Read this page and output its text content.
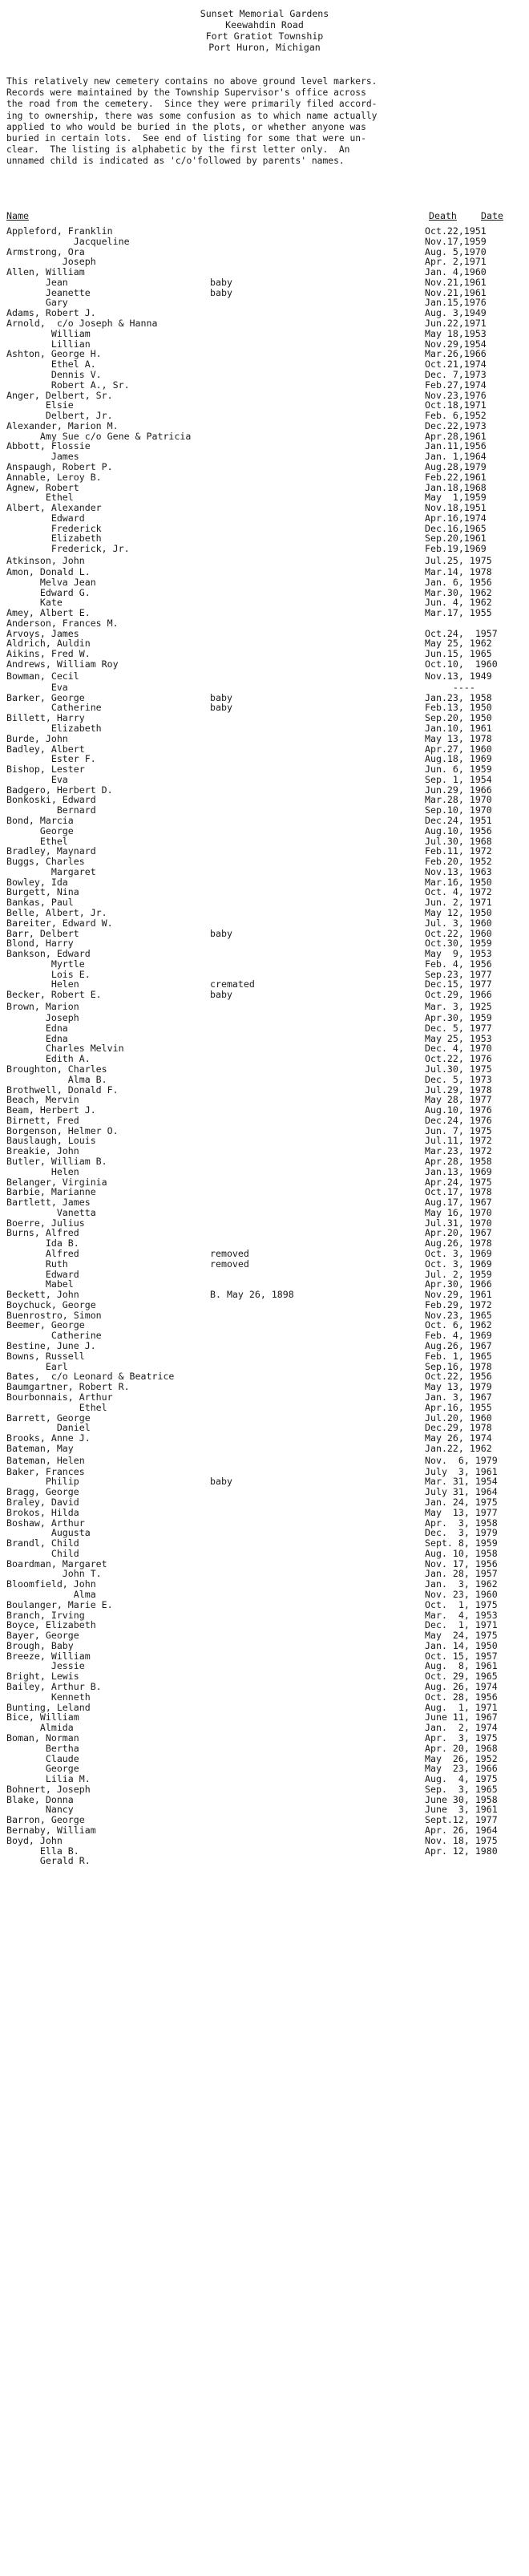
Sunset Memorial Gardens
Keewahdin Road
Fort Gratiot Township
Port Huron, Michigan
This relatively new cemetery contains no above ground level markers.
Records were maintained by the Township Supervisor's office across
the road from the cemetery.  Since they were primarily filed accord-
ing to ownership, there was some confusion as to which name actually
applied to who would be buried in the plots, or whether anyone was
buried in certain lots.  See end of listing for some that were un-
clear.  The listing is alphabetic by the first letter only.  An
unnamed child is indicated as 'c/o'followed by parents' names.
Name	Death	Date
Appleford, Franklin	Oct.22,1951
Jacqueline	Nov.17,1959
Armstrong, Ora	Aug. 5,1970
Joseph	Apr. 2,1971
Allen, William	Jan. 4,1960
Jean	baby	Nov.21,1961
Jeanette	baby	Nov.21,1961
Gary	Jan.15,1976
Adams, Robert J.	Aug. 3,1949
Arnold,  c/o Joseph & Hanna	Jun.22,1971
William	May 18,1953
Lillian	Nov.29,1954
Ashton, George H.	Mar.26,1966
Ethel A.	Oct.21,1974
Dennis V.	Dec. 7,1973
Robert A., Sr.	Feb.27,1974
Anger, Delbert, Sr.	Nov.23,1976
Elsie	Oct.18,1971
Delbert, Jr.	Feb. 6,1952
Alexander, Marion M.	Dec.22,1973
Amy Sue c/o Gene & Patricia	Apr.28,1961
Abbott, Flossie	Jan.11,1956
James	Jan. 1,1964
Anspaugh, Robert P.	Aug.28,1979
Annable, Leroy B.	Feb.22,1961
Agnew, Robert	Jan.18,1968
Ethel	May  1,1959
Albert, Alexander	Nov.18,1951
Edward	Apr.16,1974
Frederick	Dec.16,1965
Elizabeth	Sep.20,1961
Frederick, Jr.	Feb.19,1969
Atkinson, John	Jul.25, 1975
Amon, Donald L.	Mar.14, 1978
Melva Jean	Jan. 6, 1956
Edward G.	Mar.30, 1962
Kate	Jun. 4, 1962
Amey, Albert E.	Mar.17, 1955
Anderson, Frances M.
Arvoys, James	Oct.24,  1957
Aldrich, Auldin	May 25, 1962
Aikins, Fred W.	Jun.15, 1965
Andrews, William Roy	Oct.10,  1960
Bowman, Cecil	Nov.13, 1949
Eva	----
Barker, George	baby	Jan.23, 1958
Catherine	baby	Feb.13, 1950
Billett, Harry	Sep.20, 1950
Elizabeth	Jan.10, 1961
Burde, John	May 13, 1978
Badley, Albert	Apr.27, 1960
Ester F.	Aug.18, 1969
Bishop, Lester	Jun. 6, 1959
Eva	Sep. 1, 1954
Badgero, Herbert D.	Jun.29, 1966
Bonkoski, Edward	Mar.28, 1970
Bernard	Sep.10, 1970
Bond, Marcia	Dec.24, 1951
George	Aug.10, 1956
Ethel	Jul.30, 1968
Bradley, Maynard	Feb.11, 1972
Buggs, Charles	Feb.20, 1952
Margaret	Nov.13, 1963
Bowley, Ida	Mar.16, 1950
Burgett, Nina	Oct. 4, 1972
Bankas, Paul	Jun. 2, 1971
Belle, Albert, Jr.	May 12, 1950
Bareiter, Edward W.	Jul. 3, 1960
Barr, Delbert	baby	Oct.22, 1960
Blond, Harry	Oct.30, 1959
Bankson, Edward	May  9, 1953
Myrtle	Feb. 4, 1956
Lois E.	Sep.23, 1977
Helen	cremated	Dec.15, 1977
Becker, Robert E.	baby	Oct.29, 1966
Brown, Marion	Mar. 3, 1925
Joseph	Apr.30, 1959
Edna	Dec. 5, 1977
Edna	May 25, 1953
Charles Melvin	Dec. 4, 1970
Edith A.	Oct.22, 1976
Broughton, Charles	Jul.30, 1975
Alma B.	Dec. 5, 1973
Brothwell, Donald F.	Jul.29, 1978
Beach, Mervin	May 28, 1977
Beam, Herbert J.	Aug.10, 1976
Birnett, Fred	Dec.24, 1976
Borgenson, Helmer O.	Jun. 7, 1975
Bauslaugh, Louis	Jul.11, 1972
Breakie, John	Mar.23, 1972
Butler, William B.	Apr.28, 1958
Helen	Jan.13, 1969
Belanger, Virginia	Apr.24, 1975
Barbie, Marianne	Oct.17, 1978
Bartlett, James	Aug.17, 1967
Vanetta	May 16, 1970
Boerre, Julius	Jul.31, 1970
Burns, Alfred	Apr.20, 1967
Ida B.	Aug.26, 1978
Alfred	removed	Oct. 3, 1969
Ruth	removed	Oct. 3, 1969
Edward	Jul. 2, 1959
Mabel	Apr.30, 1966
Beckett, John	B. May 26, 1898	Nov.29, 1961
Boychuck, George	Feb.29, 1972
Buenrostro, Simon	Nov.23, 1965
Beemer, George	Oct. 6, 1962
Catherine	Feb. 4, 1969
Bestine, June J.	Aug.26, 1967
Bowns, Russell	Feb. 1, 1965
Earl	Sep.16, 1978
Bates,  c/o Leonard & Beatrice	Oct.22, 1956
Baumgartner, Robert R.	May 13, 1979
Bourbonnais, Arthur	Jan. 3, 1967
Ethel	Apr.16, 1955
Barrett, George	Jul.20, 1960
Daniel	Dec.29, 1978
Brooks, Anne J.	May 26, 1974
Bateman, May	Jan.22, 1962
Bateman, Helen	Nov.  6, 1979
Baker, Frances	July  3, 1961
Philip	baby	Mar. 31, 1954
Bragg, George	July 31, 1964
Braley, David	Jan. 24, 1975
Brokos, Hilda	May  13, 1977
Boshaw, Arthur	Apr.  3, 1958
Augusta	Dec.  3, 1979
Brandl, Child	Sept. 8, 1959
Child	Aug. 10, 1958
Boardman, Margaret	Nov. 17, 1956
John T.	Jan. 28, 1957
Bloomfield, John	Jan.  3, 1962
Alma	Nov. 23, 1960
Boulanger, Marie E.	Oct.  1, 1975
Branch, Irving	Mar.  4, 1953
Boyce, Elizabeth	Dec.  1, 1971
Bayer, George	May  24, 1975
Brough, Baby	Jan. 14, 1950
Breeze, William	Oct. 15, 1957
Jessie	Aug.  8, 1961
Bright, Lewis	Oct. 29, 1965
Bailey, Arthur B.	Aug. 26, 1974
Kenneth	Oct. 28, 1956
Bunting, Leland	Aug.  1, 1971
Bice, William	June 11, 1967
Almida	Jan.  2, 1974
Boman, Norman	Apr.  3, 1975
Bertha	Apr. 20, 1968
Claude	May  26, 1952
George	May  23, 1966
Lilia M.	Aug.  4, 1975
Bohnert, Joseph	Sep.  3, 1965
Blake, Donna	June 30, 1958
Nancy	June  3, 1961
Barron, George	Sept.12, 1977
Bernaby, William	Apr. 26, 1964
Boyd, John	Nov. 18, 1975
Ella B.	Apr. 12, 1980
Gerald R.
